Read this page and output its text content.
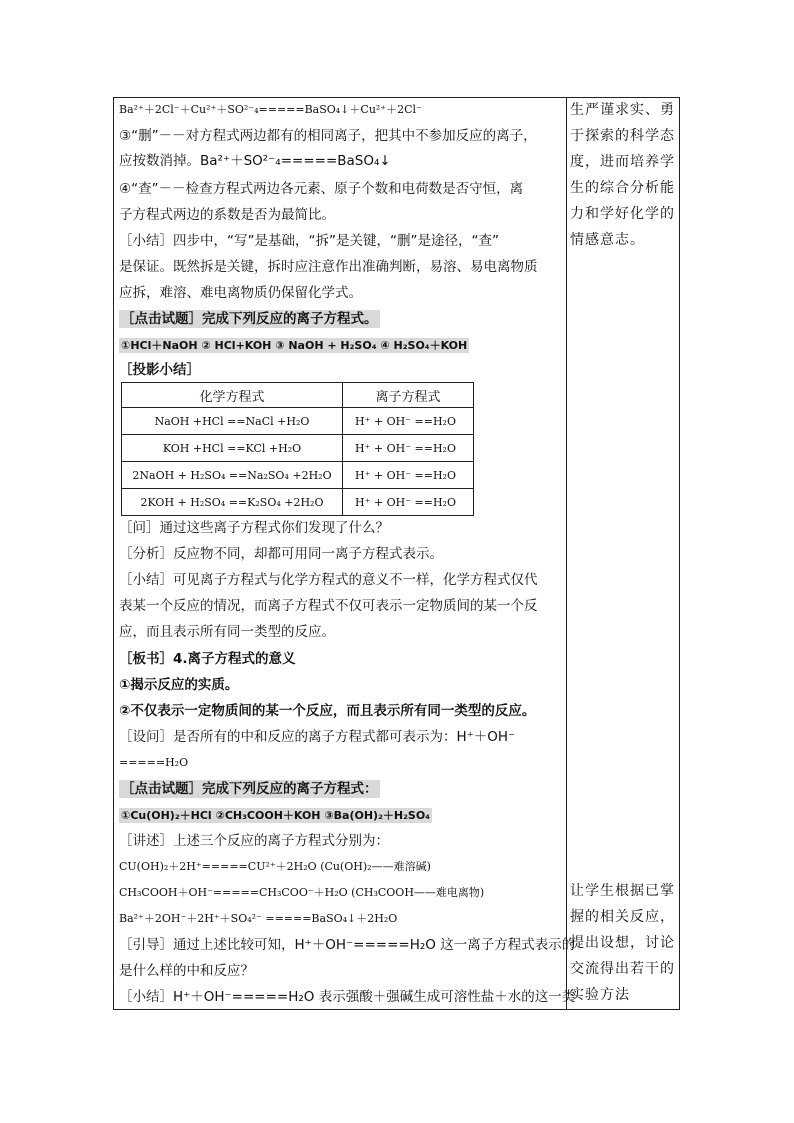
Ba²⁺＋2Cl⁻＋Cu²⁺＋SO²⁻₄=====BaSO₄↓＋Cu²⁺＋2Cl⁻
③“删”－－对方程式两边都有的相同离子，把其中不参加反应的离子，
应按数消掉。Ba²⁺＋SO²⁻₄=====BaSO₄↓
④“查”－－检查方程式两边各元素、原子个数和电荷数是否守恒，离
子方程式两边的系数是否为最简比。
［小结］四步中，“写”是基础，“拆”是关键，“删”是途径，“查”
是保证。既然拆是关键，拆时应注意作出准确判断，易溶、易电离物质
应拆，难溶、难电离物质仍保留化学式。
［点击试题］完成下列反应的离子方程式。
①HCl＋NaOH ② HCl+KOH ③ NaOH + H₂SO₄ ④ H₂SO₄＋KOH
［投影小结］
化学方程式	离子方程式
NaOH +HCl ==NaCl +H₂O	H⁺ + OH⁻ ==H₂O
KOH +HCl ==KCl +H₂O	H⁺ + OH⁻ ==H₂O
2NaOH + H₂SO₄ ==Na₂SO₄ +2H₂O	H⁺ + OH⁻ ==H₂O
2KOH + H₂SO₄ ==K₂SO₄ +2H₂O	H⁺ + OH⁻ ==H₂O
［问］通过这些离子方程式你们发现了什么？
［分析］反应物不同，却都可用同一离子方程式表示。
［小结］可见离子方程式与化学方程式的意义不一样，化学方程式仅代
表某一个反应的情况，而离子方程式不仅可表示一定物质间的某一个反
应，而且表示所有同一类型的反应。
［板书］4.离子方程式的意义
①揭示反应的实质。
②不仅表示一定物质间的某一个反应，而且表示所有同一类型的反应。
［设问］是否所有的中和反应的离子方程式都可表示为：H⁺＋OH⁻
=====H₂O
［点击试题］完成下列反应的离子方程式：
①Cu(OH)₂＋HCl ②CH₃COOH＋KOH ③Ba(OH)₂＋H₂SO₄
［讲述］上述三个反应的离子方程式分别为：
CU(OH)₂＋2H⁺=====CU²⁺＋2H₂O (Cu(OH)₂——难溶碱)
CH₃COOH＋OH⁻=====CH₃COO⁻＋H₂O (CH₃COOH——难电离物)
Ba²⁺＋2OH⁻＋2H⁺＋SO₄²⁻ =====BaSO₄↓＋2H₂O
［引导］通过上述比较可知，H⁺＋OH⁻=====H₂O 这一离子方程式表示的
是什么样的中和反应？
［小结］H⁺＋OH⁻=====H₂O 表示强酸＋强碱生成可溶性盐＋水的这一类
生严谨求实、勇
于探索的科学态
度，进而培养学
生的综合分析能
力和学好化学的
情感意志。
让学生根据已掌
握的相关反应，
提出设想，讨论
交流得出若干的
实验方法
